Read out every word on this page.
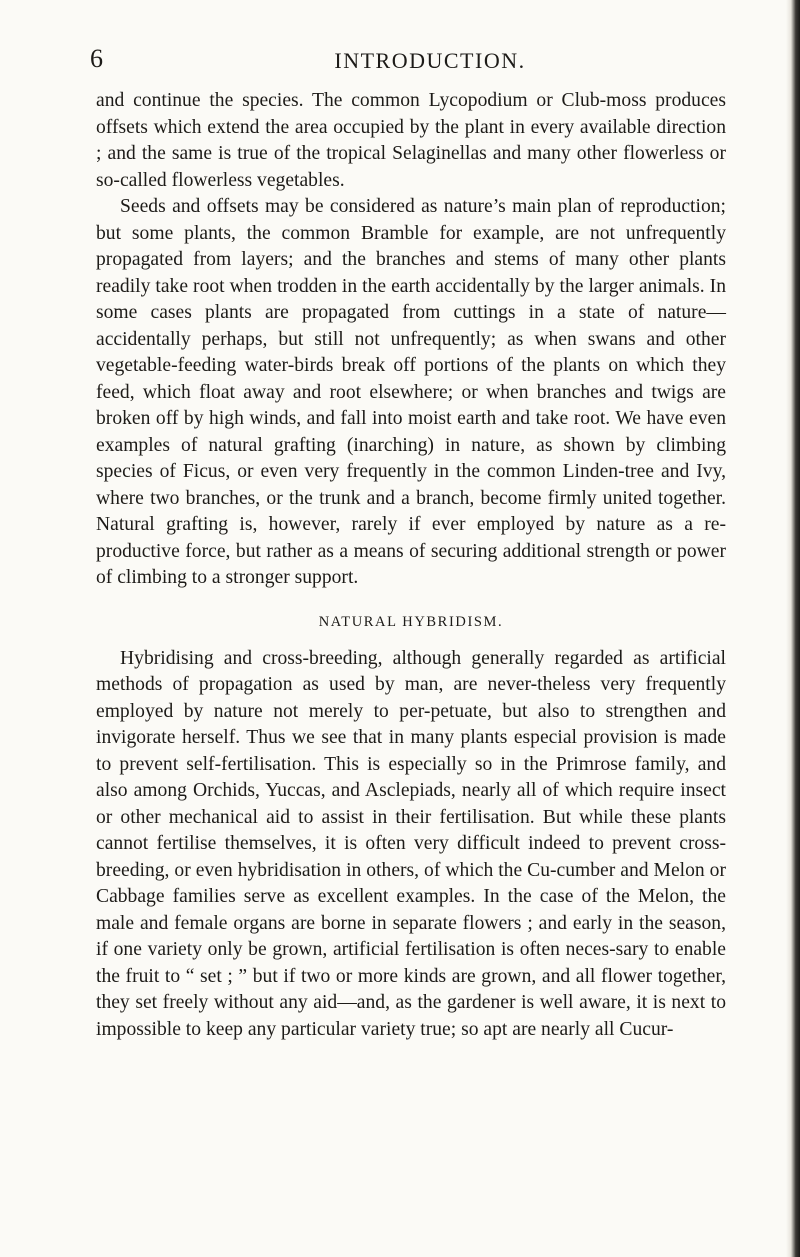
6	INTRODUCTION.

and continue the species. The common Lycopodium or Club-moss produces offsets which extend the area occupied by the plant in every available direction ; and the same is true of the tropical Selaginellas and many other flowerless or so-called flowerless vegetables.

Seeds and offsets may be considered as nature’s main plan of reproduction; but some plants, the common Bramble for example, are not unfrequently propagated from layers; and the branches and stems of many other plants readily take root when trodden in the earth accidentally by the larger animals. In some cases plants are propagated from cuttings in a state of nature—accidentally perhaps, but still not unfrequently; as when swans and other vegetable-feeding water-birds break off portions of the plants on which they feed, which float away and root elsewhere; or when branches and twigs are broken off by high winds, and fall into moist earth and take root. We have even examples of natural grafting (inarching) in nature, as shown by climbing species of Ficus, or even very frequently in the common Linden-tree and Ivy, where two branches, or the trunk and a branch, become firmly united together. Natural grafting is, however, rarely if ever employed by nature as a re-productive force, but rather as a means of securing additional strength or power of climbing to a stronger support.

NATURAL HYBRIDISM.

Hybridising and cross-breeding, although generally regarded as artificial methods of propagation as used by man, are never-theless very frequently employed by nature not merely to per-petuate, but also to strengthen and invigorate herself. Thus we see that in many plants especial provision is made to prevent self-fertilisation. This is especially so in the Primrose family, and also among Orchids, Yuccas, and Asclepiads, nearly all of which require insect or other mechanical aid to assist in their fertilisation. But while these plants cannot fertilise themselves, it is often very difficult indeed to prevent cross-breeding, or even hybridisation in others, of which the Cu-cumber and Melon or Cabbage families serve as excellent examples. In the case of the Melon, the male and female organs are borne in separate flowers ; and early in the season, if one variety only be grown, artificial fertilisation is often neces-sary to enable the fruit to “ set ; ” but if two or more kinds are grown, and all flower together, they set freely without any aid—and, as the gardener is well aware, it is next to impossible to keep any particular variety true; so apt are nearly all Cucur-
